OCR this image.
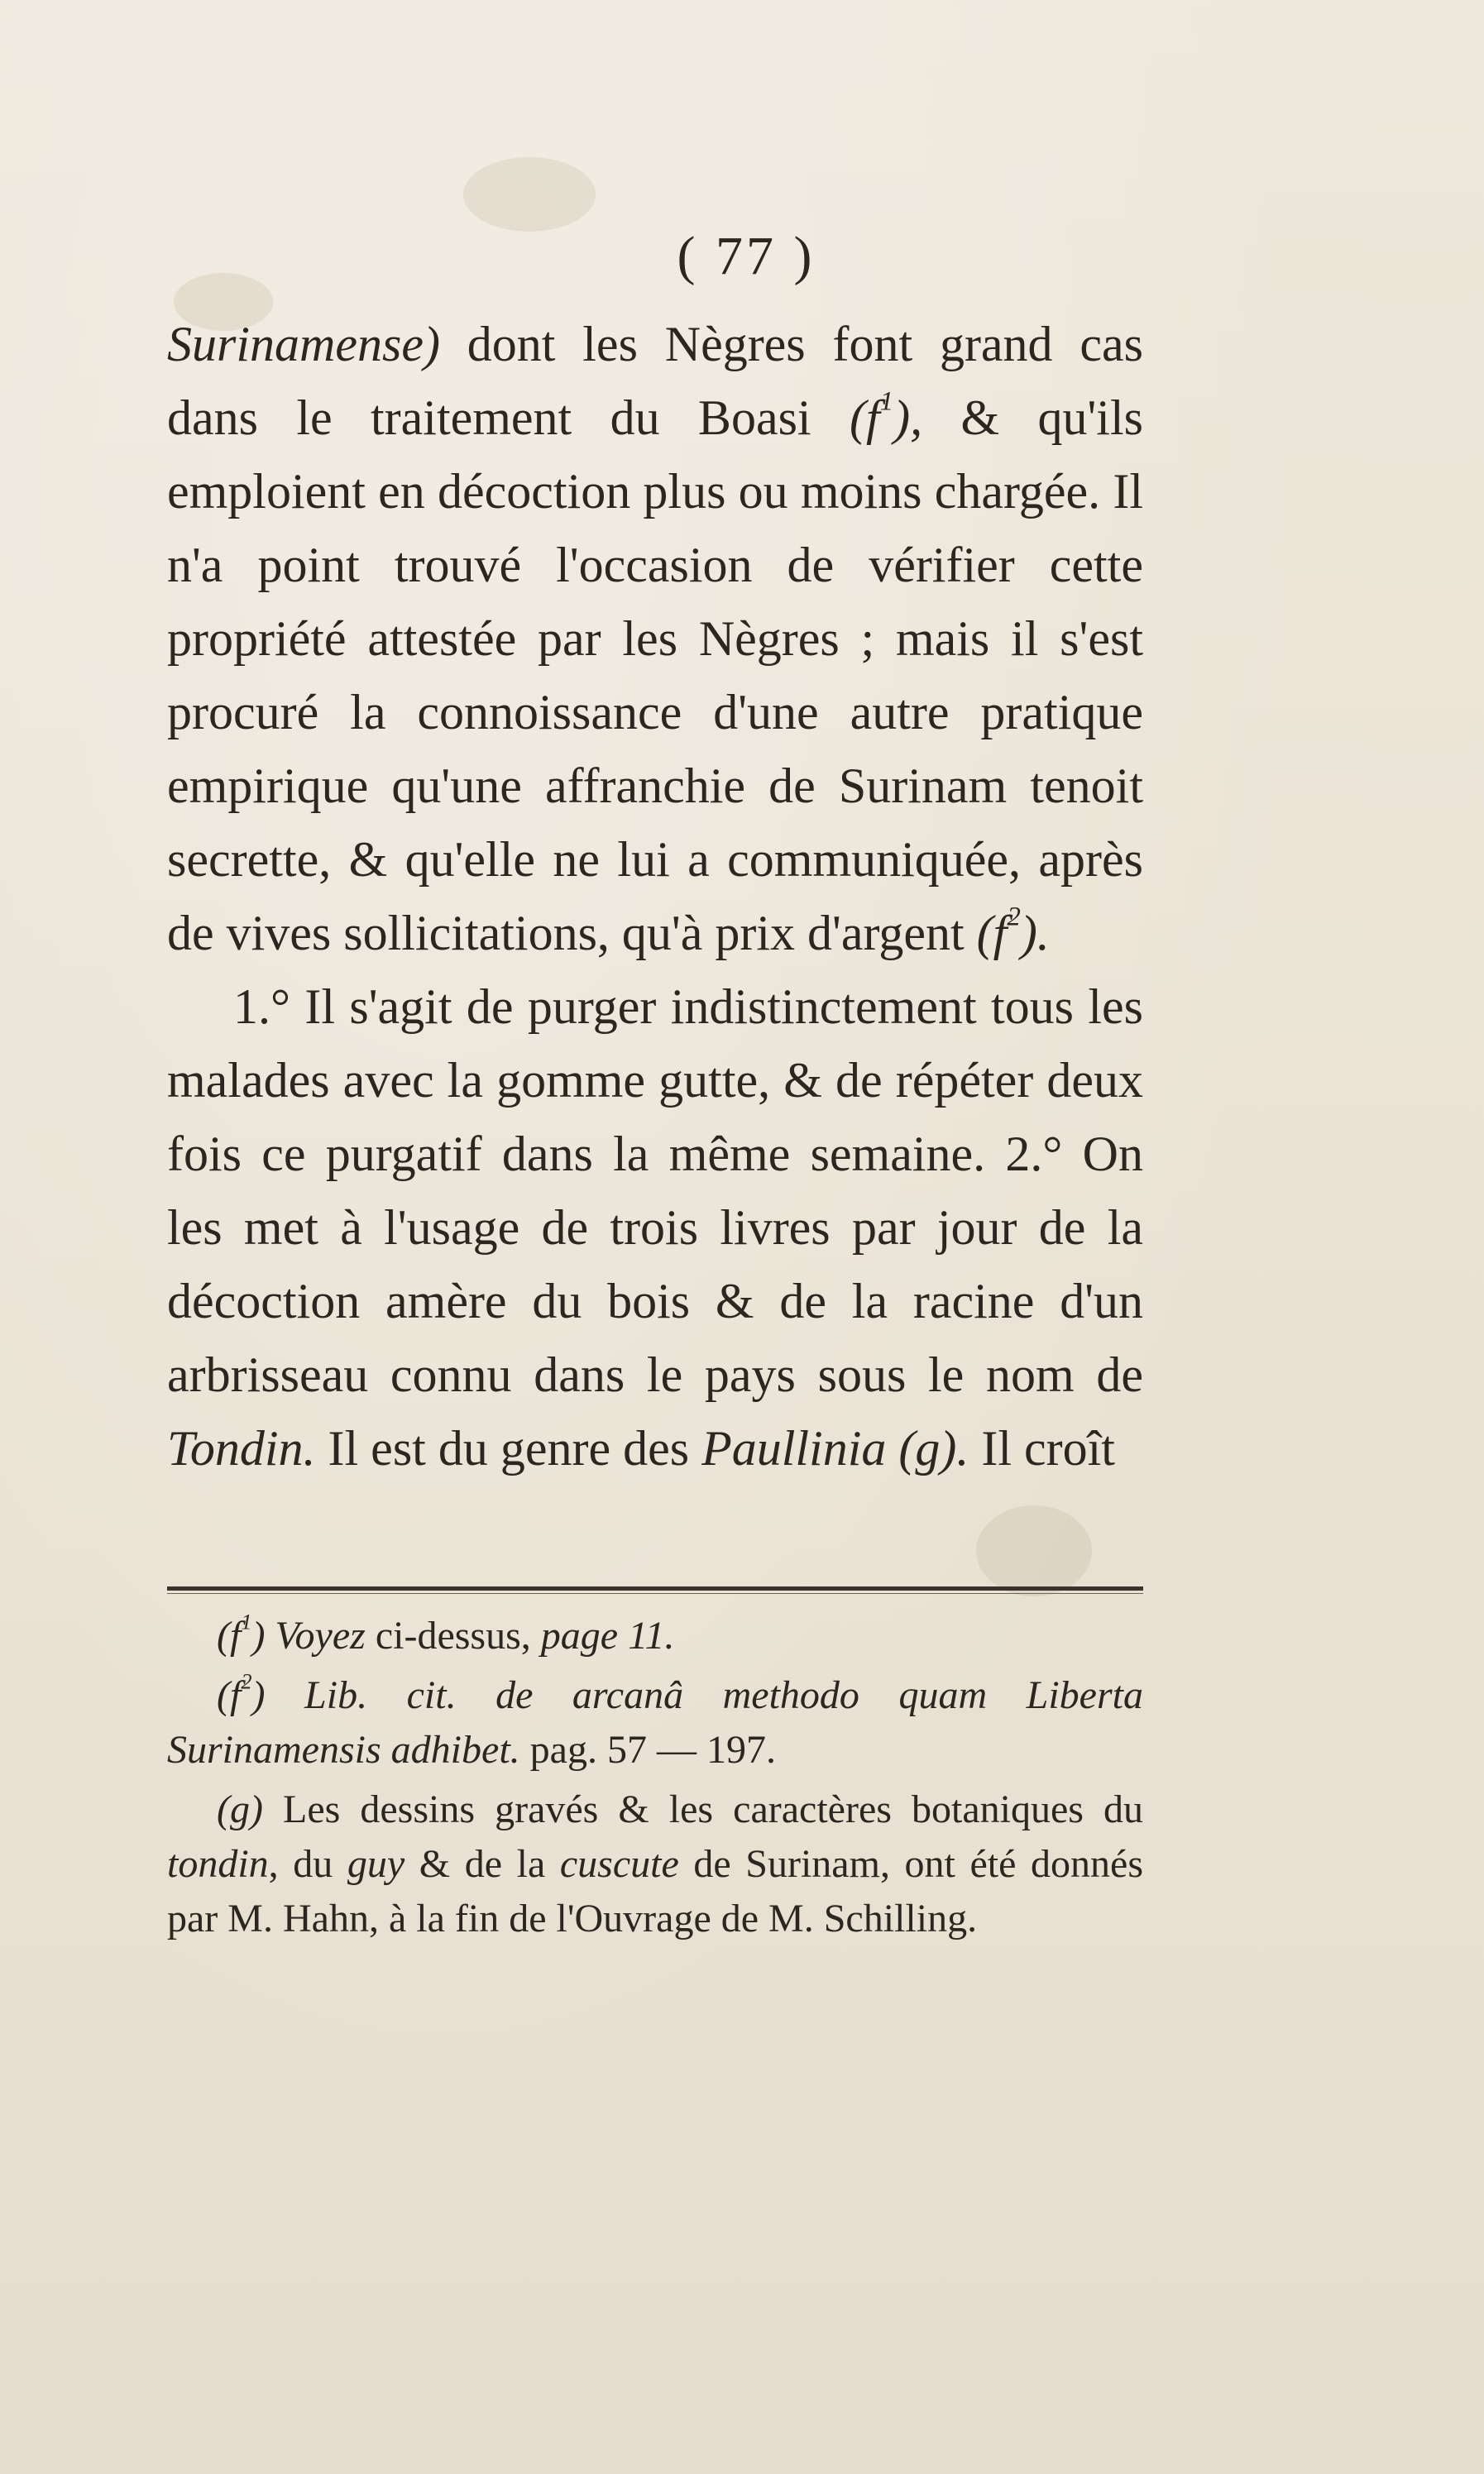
( 77 )

Surinamense) dont les Nègres font grand cas dans le traitement du Boasi $(f^1)$, & qu'ils emploient en décoction plus ou moins chargée. Il n'a point trouvé l'occasion de vérifier cette propriété attestée par les Nègres ; mais il s'est procuré la connoissance d'une autre pratique empirique qu'une affranchie de Surinam tenoit secrette, & qu'elle ne lui a communiquée, après de vives sollicitations, qu'à prix d'argent $(f^2)$.

1.° Il s'agit de purger indistinctement tous les malades avec la gomme gutte, & de répéter deux fois ce purgatif dans la même semaine. 2.° On les met à l'usage de trois livres par jour de la décoction amère du bois & de la racine d'un arbrisseau connu dans le pays sous le nom de Tondin. Il est du genre des Paullinia (g). Il croît

$(f^1)$ Voyez ci-dessus, page 11.

$(f^2)$ Lib. cit. de arcanâ methodo quam Liberta Surinamensis adhibet. pag. 57 — 197.

(g) Les dessins gravés & les caractères botaniques du tondin, du guy & de la cuscute de Surinam, ont été donnés par M. Hahn, à la fin de l'Ouvrage de M. Schilling.
